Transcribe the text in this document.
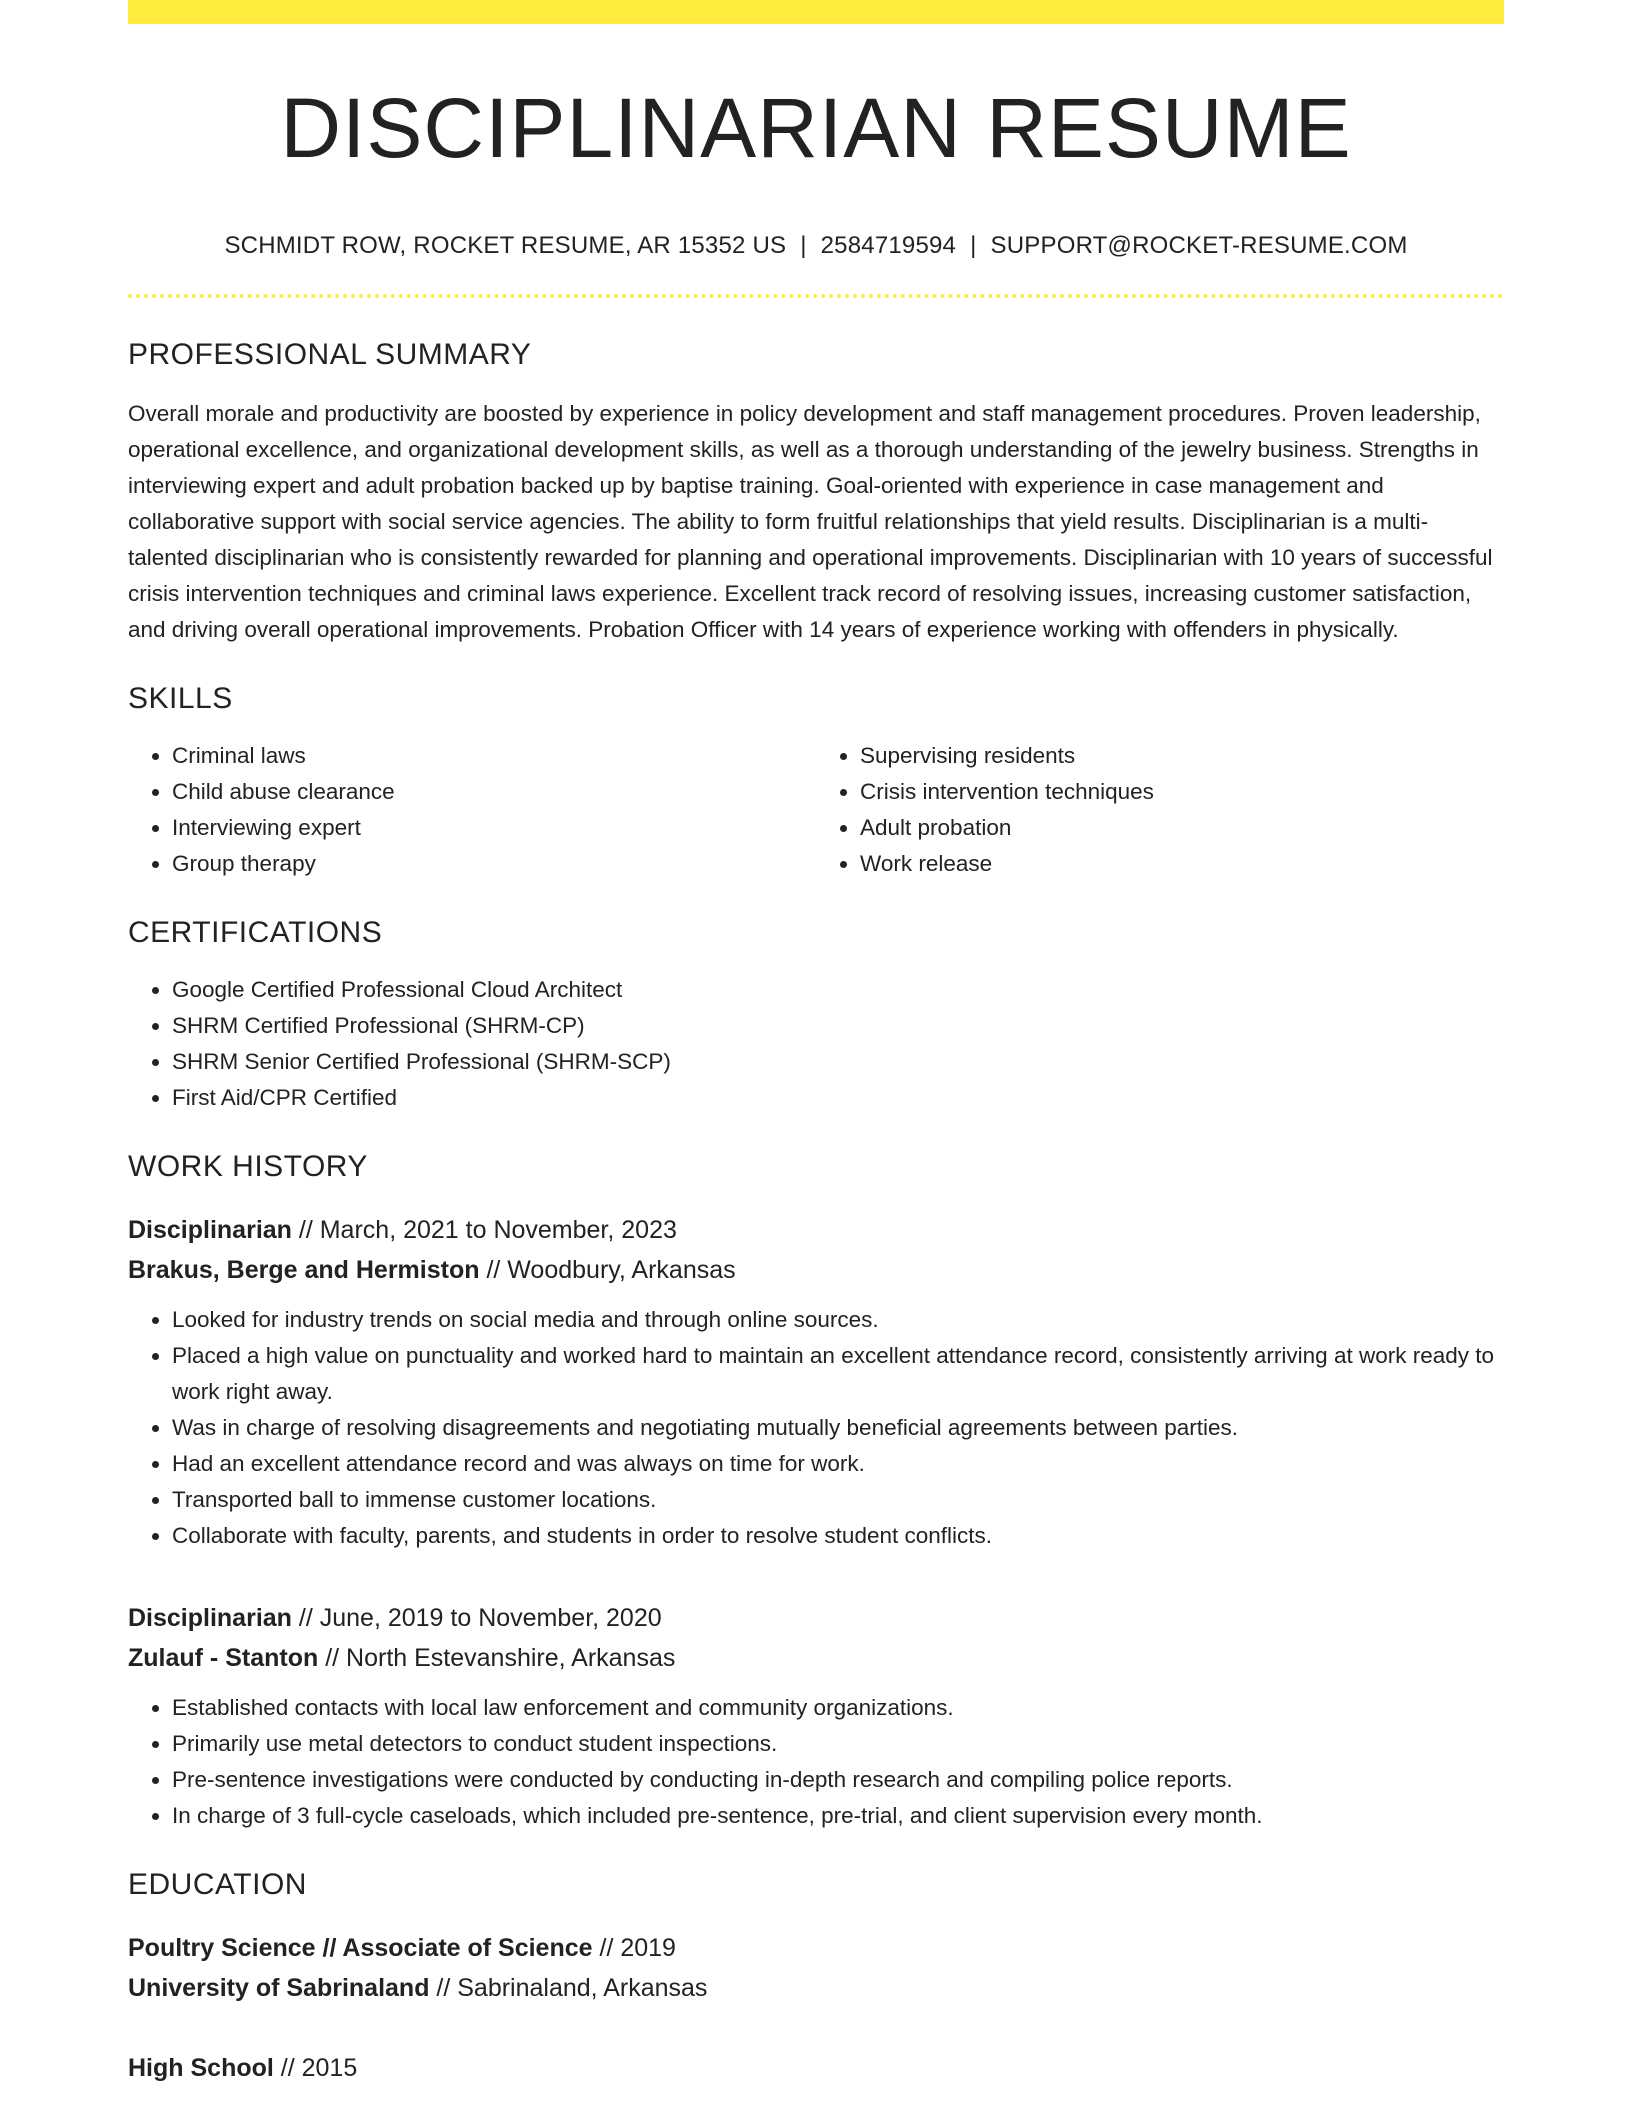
DISCIPLINARIAN RESUME
SCHMIDT ROW, ROCKET RESUME, AR 15352 US | 2584719594 | SUPPORT@ROCKET-RESUME.COM
PROFESSIONAL SUMMARY
Overall morale and productivity are boosted by experience in policy development and staff management procedures. Proven leadership, operational excellence, and organizational development skills, as well as a thorough understanding of the jewelry business. Strengths in interviewing expert and adult probation backed up by baptise training. Goal-oriented with experience in case management and collaborative support with social service agencies. The ability to form fruitful relationships that yield results. Disciplinarian is a multi-talented disciplinarian who is consistently rewarded for planning and operational improvements. Disciplinarian with 10 years of successful crisis intervention techniques and criminal laws experience. Excellent track record of resolving issues, increasing customer satisfaction, and driving overall operational improvements. Probation Officer with 14 years of experience working with offenders in physically.
SKILLS
• Criminal laws
• Child abuse clearance
• Interviewing expert
• Group therapy
• Supervising residents
• Crisis intervention techniques
• Adult probation
• Work release
CERTIFICATIONS
• Google Certified Professional Cloud Architect
• SHRM Certified Professional (SHRM-CP)
• SHRM Senior Certified Professional (SHRM-SCP)
• First Aid/CPR Certified
WORK HISTORY
Disciplinarian // March, 2021 to November, 2023
Brakus, Berge and Hermiston // Woodbury, Arkansas
• Looked for industry trends on social media and through online sources.
• Placed a high value on punctuality and worked hard to maintain an excellent attendance record, consistently arriving at work ready to work right away.
• Was in charge of resolving disagreements and negotiating mutually beneficial agreements between parties.
• Had an excellent attendance record and was always on time for work.
• Transported ball to immense customer locations.
• Collaborate with faculty, parents, and students in order to resolve student conflicts.
Disciplinarian // June, 2019 to November, 2020
Zulauf - Stanton // North Estevanshire, Arkansas
• Established contacts with local law enforcement and community organizations.
• Primarily use metal detectors to conduct student inspections.
• Pre-sentence investigations were conducted by conducting in-depth research and compiling police reports.
• In charge of 3 full-cycle caseloads, which included pre-sentence, pre-trial, and client supervision every month.
EDUCATION
Poultry Science // Associate of Science // 2019
University of Sabrinaland // Sabrinaland, Arkansas
High School // 2015
